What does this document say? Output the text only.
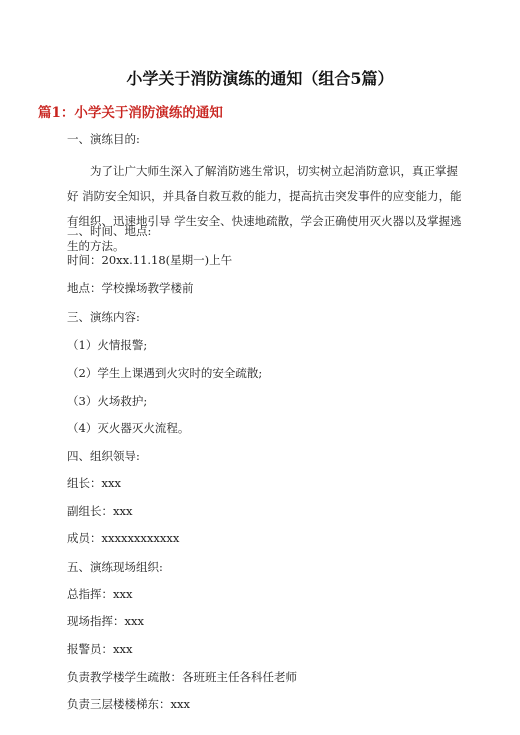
小学关于消防演练的通知（组合5篇）
篇1：小学关于消防演练的通知
一、演练目的:
为了让广大师生深入了解消防逃生常识，切实树立起消防意识，真正掌握好 消防安全知识，并具备自救互救的能力，提高抗击突发事件的应变能力，能有组织、迅速地引导 学生安全、快速地疏散，学会正确使用灭火器以及掌握逃生的方法。
二、时间、地点:
时间：20xx.11.18(星期一)上午
地点：学校操场教学楼前
三、演练内容:
（1）火情报警;
（2）学生上课遇到火灾时的安全疏散;
（3）火场救护;
（4）灭火器灭火流程。
四、组织领导:
组长：xxx
副组长：xxx
成员：xxxxxxxxxxxx
五、演练现场组织:
总指挥：xxx
现场指挥：xxx
报警员：xxx
负责教学楼学生疏散：各班班主任各科任老师
负责三层楼楼梯东：xxx
